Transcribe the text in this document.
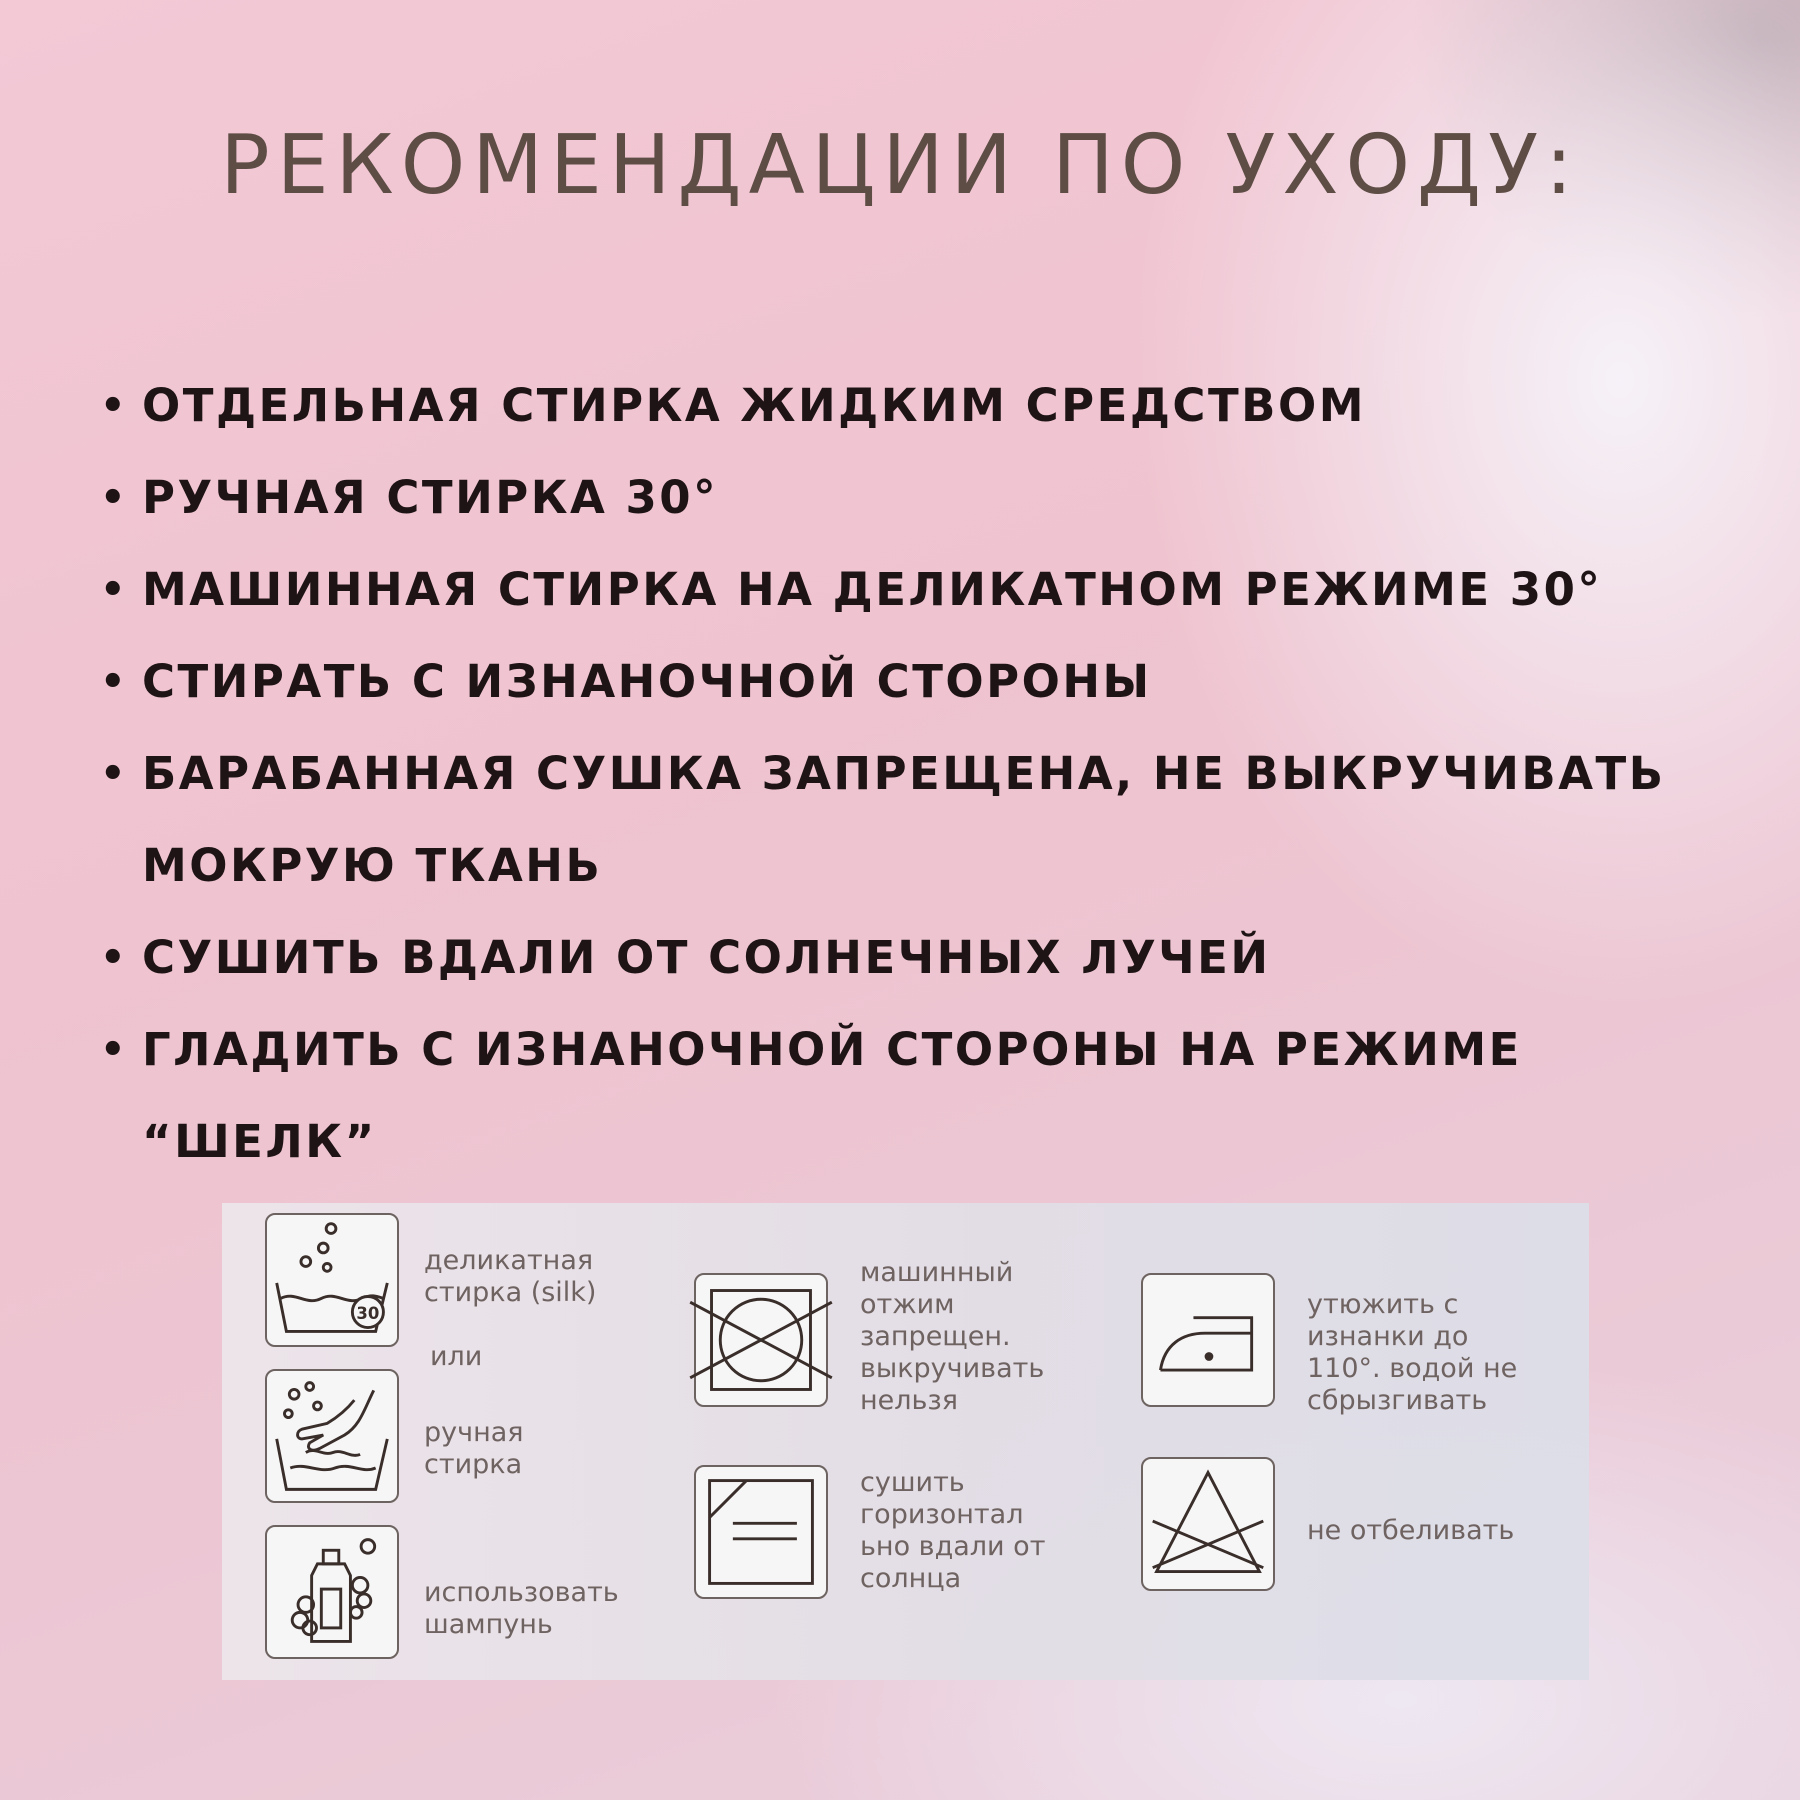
РЕКОМЕНДАЦИИ ПО УХОДУ:
• ОТДЕЛЬНАЯ СТИРКА ЖИДКИМ СРЕДСТВОМ
• РУЧНАЯ СТИРКА 30°
• МАШИННАЯ СТИРКА НА ДЕЛИКАТНОМ РЕЖИМЕ 30°
• СТИРАТЬ С ИЗНАНОЧНОЙ СТОРОНЫ
• БАРАБАННАЯ СУШКА ЗАПРЕЩЕНА, НЕ ВЫКРУЧИВАТЬ МОКРУЮ ТКАНЬ
• СУШИТЬ ВДАЛИ ОТ СОЛНЕЧНЫХ ЛУЧЕЙ
• ГЛАДИТЬ С ИЗНАНОЧНОЙ СТОРОНЫ НА РЕЖИМЕ “ШЕЛК”
30
деликатная
стирка (silk)
или
ручная
стирка
использовать
шампунь
машинный
отжим
запрещен.
выкручивать
нельзя
сушить
горизонтал
ьно вдали от
солнца
утюжить с
изнанки до
110°. водой не
сбрызгивать
не отбеливать
